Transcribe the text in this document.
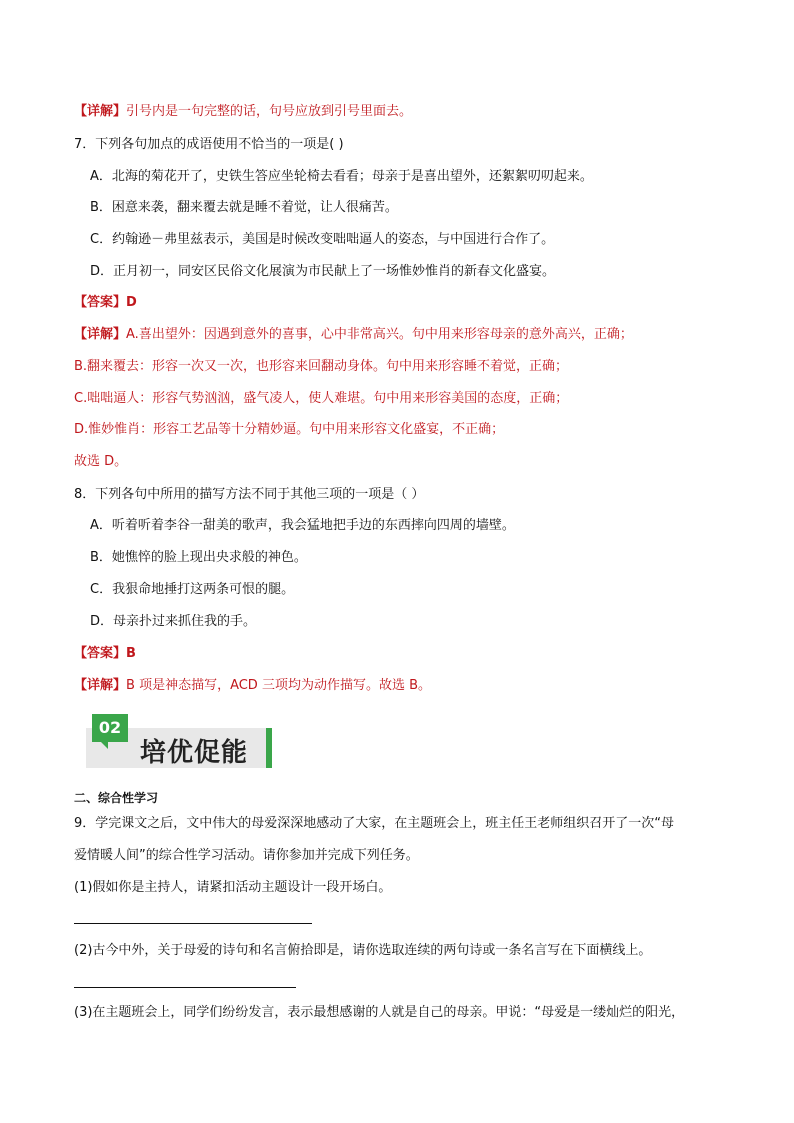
【详解】引号内是一句完整的话，句号应放到引号里面去。
7．下列各句加点的成语使用不恰当的一项是( )
A．北海的菊花开了，史铁生答应坐轮椅去看看；母亲于是喜出望外，还絮絮叨叨起来。
B．困意来袭，翻来覆去就是睡不着觉，让人很痛苦。
C．约翰逊－弗里兹表示，美国是时候改变咄咄逼人的姿态，与中国进行合作了。
D．正月初一，同安区民俗文化展演为市民献上了一场惟妙惟肖的新春文化盛宴。
【答案】D
【详解】A.喜出望外：因遇到意外的喜事，心中非常高兴。句中用来形容母亲的意外高兴，正确；
B.翻来覆去：形容一次又一次，也形容来回翻动身体。句中用来形容睡不着觉，正确；
C.咄咄逼人：形容气势汹汹，盛气凌人，使人难堪。句中用来形容美国的态度，正确；
D.惟妙惟肖：形容工艺品等十分精妙逼。句中用来形容文化盛宴，不正确；
故选 D。
8．下列各句中所用的描写方法不同于其他三项的一项是（ ）
A．听着听着李谷一甜美的歌声，我会猛地把手边的东西摔向四周的墙壁。
B．她憔悴的脸上现出央求般的神色。
C．我狠命地捶打这两条可恨的腿。
D．母亲扑过来抓住我的手。
【答案】B
【详解】B 项是神态描写，ACD 三项均为动作描写。故选 B。
02
培优促能
二、综合性学习
9．学完课文之后，文中伟大的母爱深深地感动了大家，在主题班会上，班主任王老师组织召开了一次“母
爱情暖人间”的综合性学习活动。请你参加并完成下列任务。
(1)假如你是主持人，请紧扣活动主题设计一段开场白。
(2)古今中外，关于母爱的诗句和名言俯拾即是，请你选取连续的两句诗或一条名言写在下面横线上。
(3)在主题班会上，同学们纷纷发言，表示最想感谢的人就是自己的母亲。甲说：“母爱是一缕灿烂的阳光，
